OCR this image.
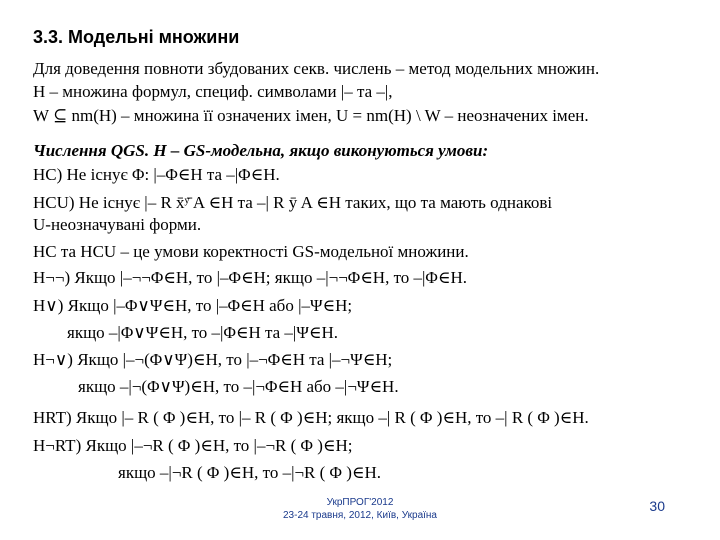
3.3. Модельні множини
Для доведення повноти збудованих секв. числень – метод модельних множин.
H – множина формул, специф. символами |– та –|,
W ⊆ nm(H) – множина її означених імен, U = nm(H) \ W – неозначених імен.
Числення QGS. H – GS-модельна, якщо виконуються умови:
HC) Не існує Φ: |–Φ∈H та –|Φ∈H.
HCU) Не існує |– R x̄ʸ̄ A ∈H та –| R ȳ A ∈H таких, що та мають однакові
U-неозначувані форми.
HC та HCU – це умови коректності GS-модельної множини.
H¬¬) Якщо |–¬¬Φ∈H, то |–Φ∈H; якщо –|¬¬Φ∈H, то –|Φ∈H.
H∨) Якщо |–Φ∨Ψ∈H, то |–Φ∈H або |–Ψ∈H;
якщо –|Φ∨Ψ∈H, то –|Φ∈H та –|Ψ∈H.
H¬∨) Якщо |–¬(Φ∨Ψ)∈H, то |–¬Φ∈H та |–¬Ψ∈H;
якщо –|¬(Φ∨Ψ)∈H, то –|¬Φ∈H або –|¬Ψ∈H.
HRT) Якщо |– R ( Φ )∈H, то |– R ( Φ )∈H; якщо –| R ( Φ )∈H, то –| R ( Φ )∈H.
H¬RT) Якщо |–¬R ( Φ )∈H, то |–¬R ( Φ )∈H;
якщо –|¬R ( Φ )∈H, то –|¬R ( Φ )∈H.
УкрПРОГ'2012
23-24 травня, 2012, Київ, Україна
30
